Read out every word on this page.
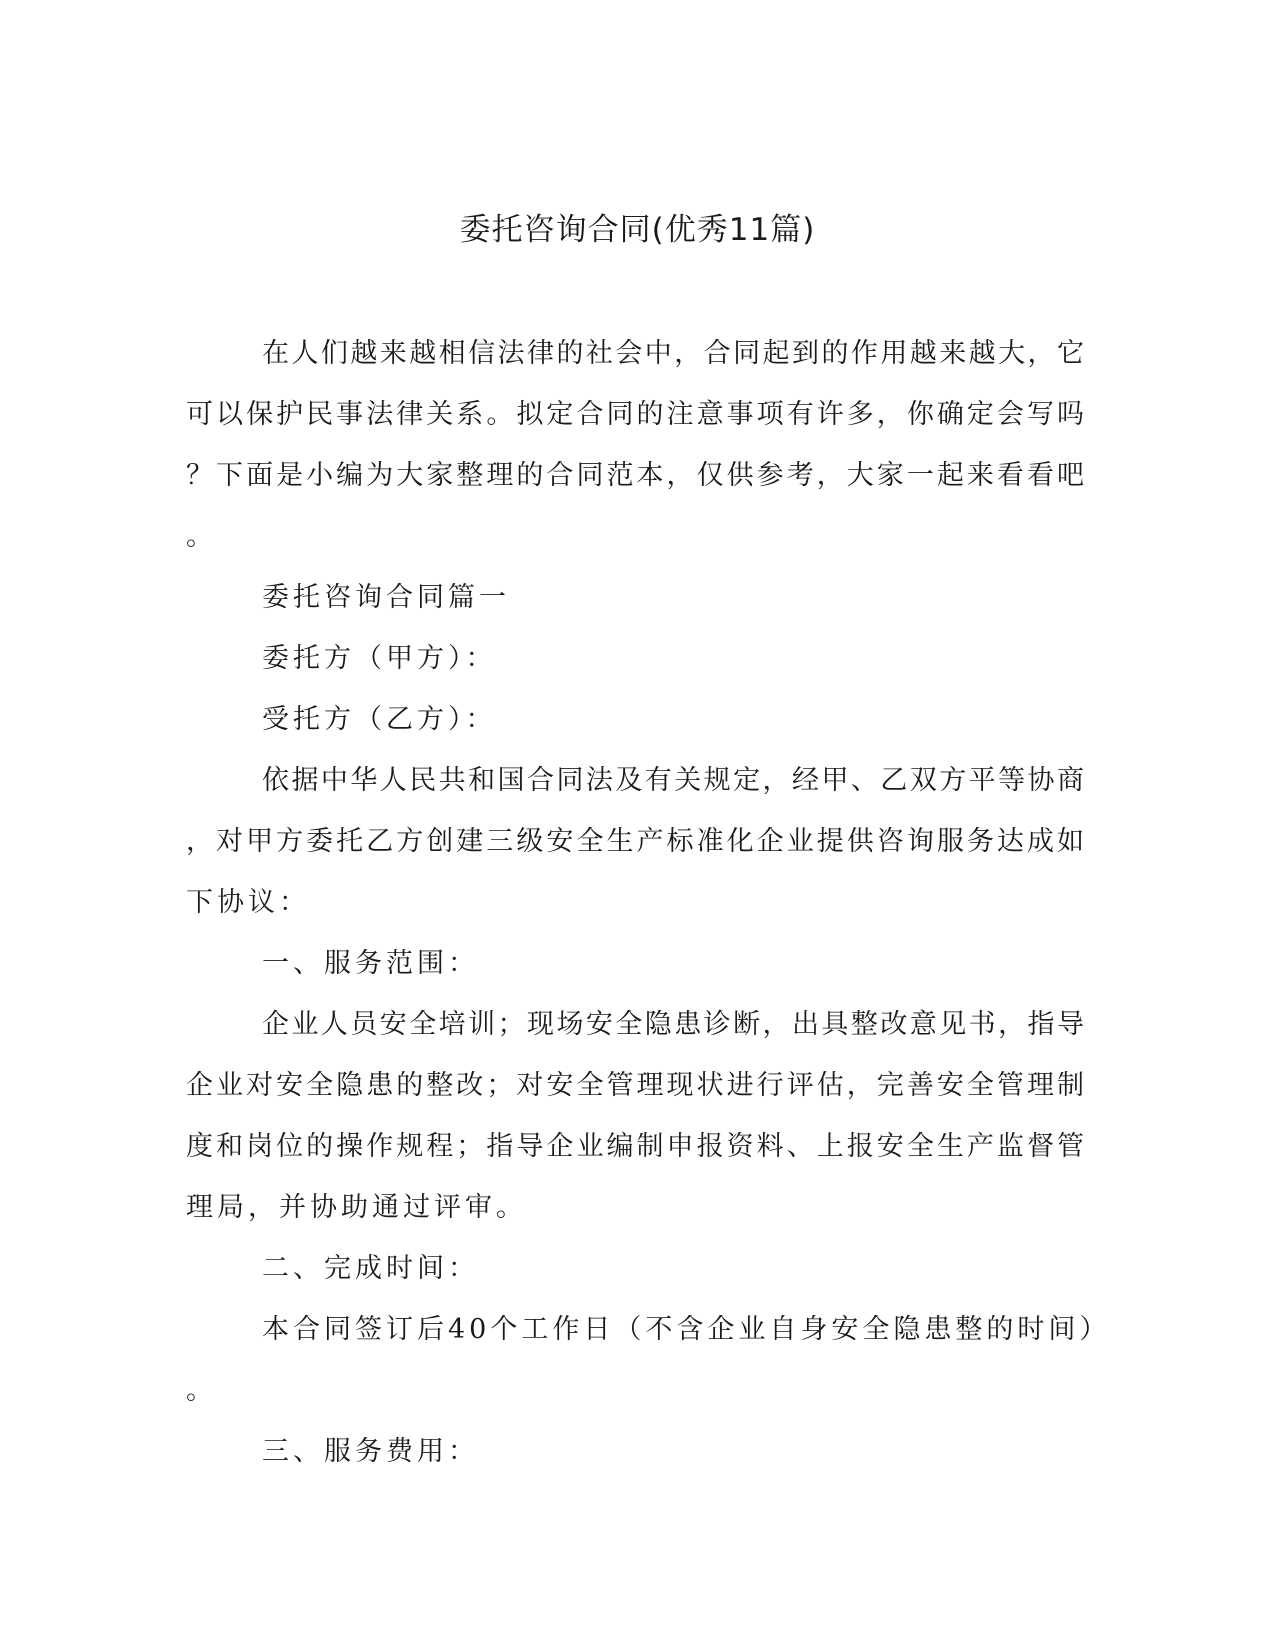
委托咨询合同(优秀11篇)

在人们越来越相信法律的社会中，合同起到的作用越来越大，它

可以保护民事法律关系。拟定合同的注意事项有许多，你确定会写吗

？下面是小编为大家整理的合同范本，仅供参考，大家一起来看看吧

。

委托咨询合同篇一

委托方（甲方）：

受托方（乙方）：

依据中华人民共和国合同法及有关规定，经甲、乙双方平等协商

，对甲方委托乙方创建三级安全生产标准化企业提供咨询服务达成如

下协议：

一、服务范围：

企业人员安全培训；现场安全隐患诊断，出具整改意见书，指导

企业对安全隐患的整改；对安全管理现状进行评估，完善安全管理制

度和岗位的操作规程；指导企业编制申报资料、上报安全生产监督管

理局，并协助通过评审。

二、完成时间：

本合同签订后40个工作日（不含企业自身安全隐患整的时间）

。

三、服务费用：
